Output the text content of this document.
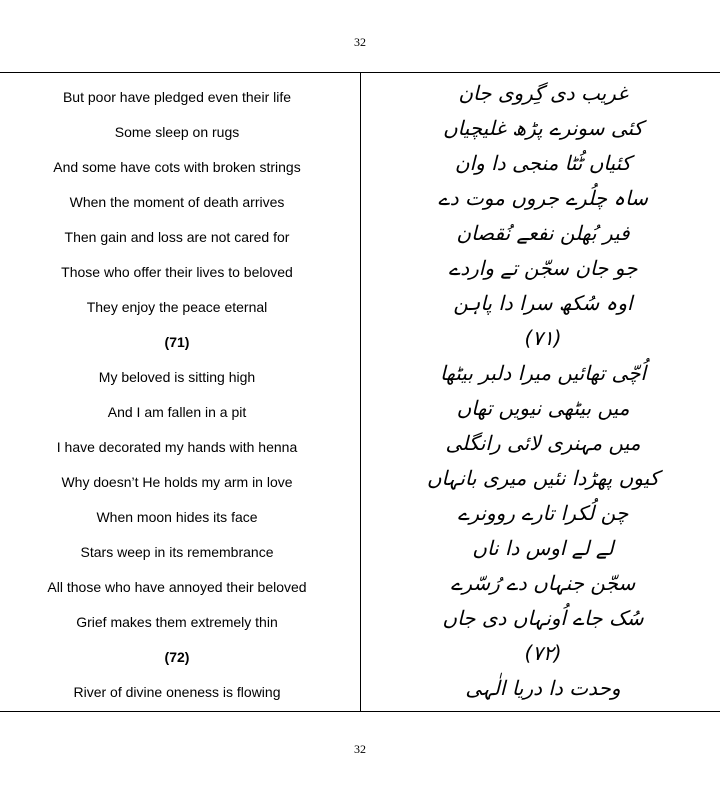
32
But poor have pledged even their life	غریب دی گِروی جان
Some sleep on rugs	کئی سونرے پڑھ غلیچیاں
And some have cots with broken strings	کئیاں ٹُٹا منجی دا وان
When the moment of death arrives	ساہ چلُرے جروں موت دے
Then gain and loss are not cared for	فیر بُھلن نفعے نُقصان
Those who offer their lives to beloved	جو جان سجّن تے واردے
They enjoy the peace eternal	اوہ سُکھ سرا دا پاہن
(71)	(۷۱)
My beloved is sitting high	اُچّی تھائیں میرا دلبر بیٹھا
And I am fallen in a pit	میں بیٹھی نیویں تھاں
I have decorated my hands with henna	میں مہنری لائی رانگلی
Why doesn’t He holds my arm in love	کیوں پھڑدا نئیں میری بانہاں
When moon hides its face	چن لُکرا تارے روونرے
Stars weep in its remembrance	لے لے اوس دا ناں
All those who have annoyed their beloved	سجّن جنہاں دے رُسّرے
Grief makes them extremely thin	سُک جاے اُونہاں دی جاں
(72)	(۷۲)
River of divine oneness is flowing	وحدت دا دریا الٰہی
32
